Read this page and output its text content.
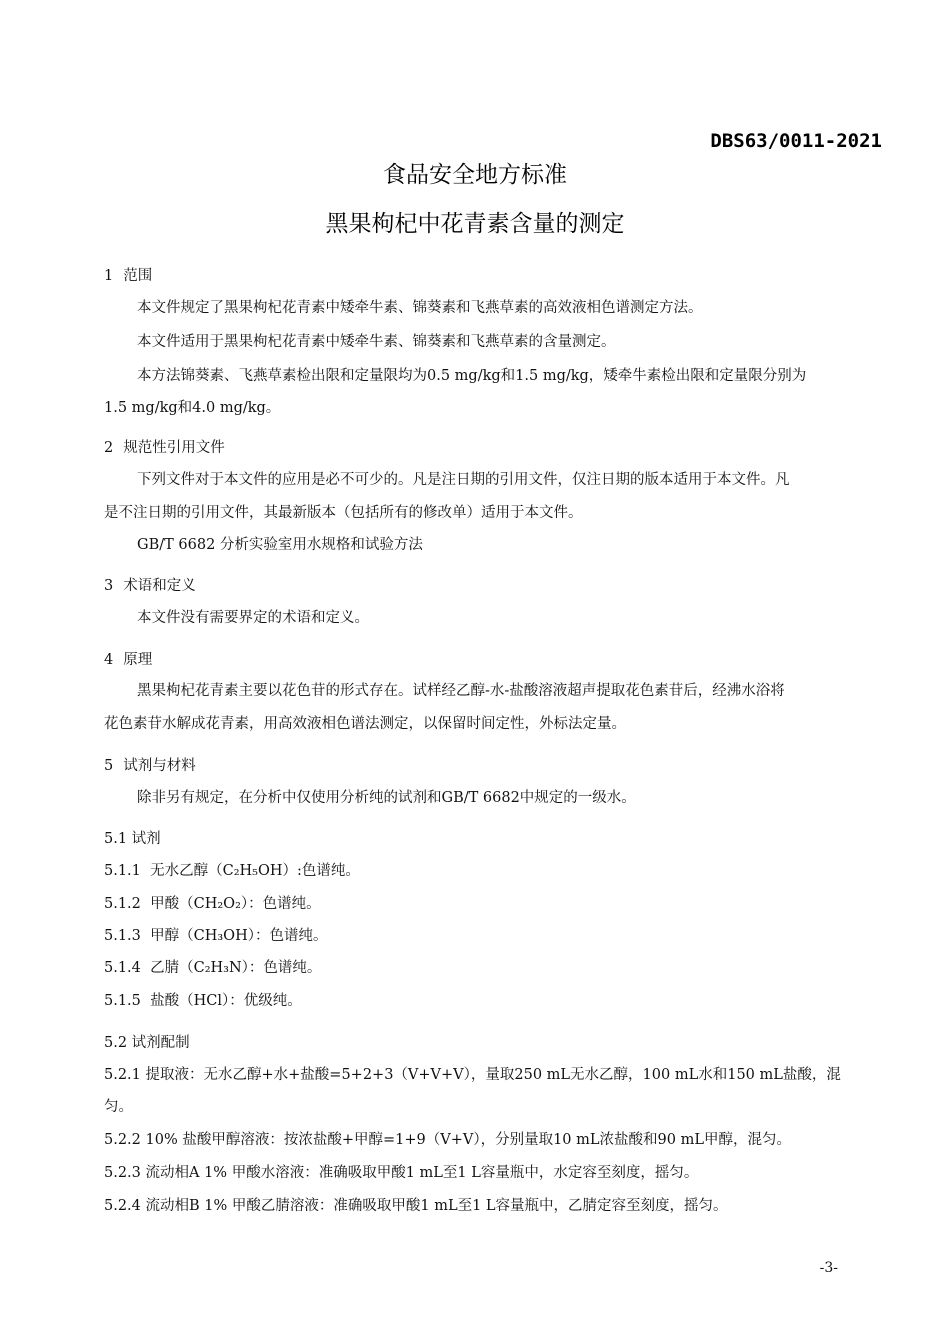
DBS63/0011-2021
食品安全地方标准
黑果枸杞中花青素含量的测定
1 范围
本文件规定了黑果枸杞花青素中矮牵牛素、锦葵素和飞燕草素的高效液相色谱测定方法。
本文件适用于黑果枸杞花青素中矮牵牛素、锦葵素和飞燕草素的含量测定。
本方法锦葵素、飞燕草素检出限和定量限均为0.5 mg/kg和1.5 mg/kg，矮牵牛素检出限和定量限分别为
1.5 mg/kg和4.0 mg/kg。
2 规范性引用文件
下列文件对于本文件的应用是必不可少的。凡是注日期的引用文件，仅注日期的版本适用于本文件。凡
是不注日期的引用文件，其最新版本（包括所有的修改单）适用于本文件。
GB/T 6682 分析实验室用水规格和试验方法
3 术语和定义
本文件没有需要界定的术语和定义。
4 原理
黑果枸杞花青素主要以花色苷的形式存在。试样经乙醇-水-盐酸溶液超声提取花色素苷后，经沸水浴将
花色素苷水解成花青素，用高效液相色谱法测定，以保留时间定性，外标法定量。
5 试剂与材料
除非另有规定，在分析中仅使用分析纯的试剂和GB/T 6682中规定的一级水。
5.1 试剂
5.1.1 无水乙醇（C₂H₅OH）:色谱纯。
5.1.2 甲酸（CH₂O₂）：色谱纯。
5.1.3 甲醇（CH₃OH）：色谱纯。
5.1.4 乙腈（C₂H₃N）：色谱纯。
5.1.5 盐酸（HCl）：优级纯。
5.2 试剂配制
5.2.1 提取液：无水乙醇+水+盐酸=5+2+3（V+V+V），量取250 mL无水乙醇，100 mL水和150 mL盐酸，混
匀。
5.2.2 10% 盐酸甲醇溶液：按浓盐酸+甲醇=1+9（V+V），分别量取10 mL浓盐酸和90 mL甲醇，混匀。
5.2.3 流动相A 1% 甲酸水溶液：准确吸取甲酸1 mL至1 L容量瓶中，水定容至刻度，摇匀。
5.2.4 流动相B 1% 甲酸乙腈溶液：准确吸取甲酸1 mL至1 L容量瓶中，乙腈定容至刻度，摇匀。
-3-
